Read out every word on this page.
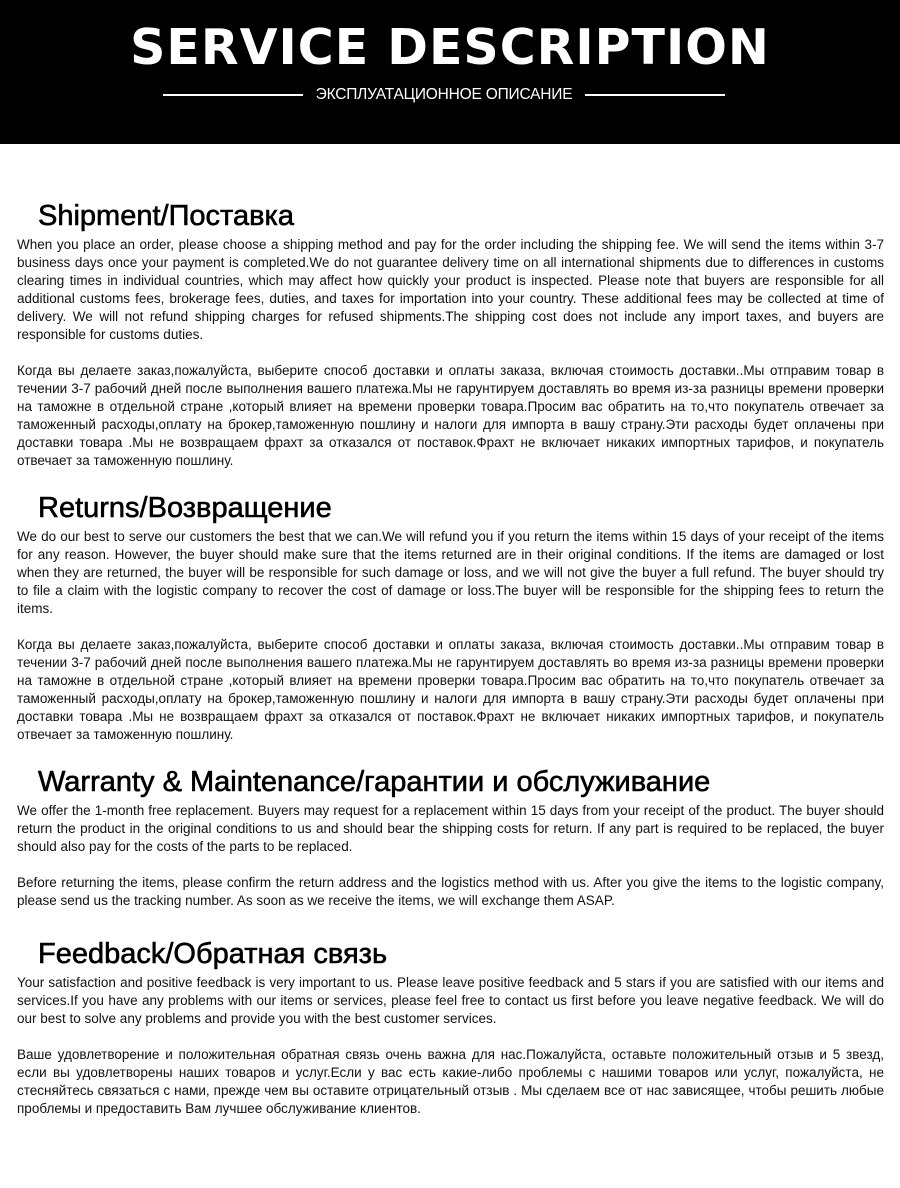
SERVICE DESCRIPTION
ЭКСПЛУАТАЦИОННОЕ ОПИСАНИЕ
Shipment/Поставка

When you place an order, please choose a shipping method and pay for the order including the shipping fee. We will send the items within 3-7 business days once your payment is completed.We do not guarantee delivery time on all international shipments due to differences in customs clearing times in individual countries, which may affect how quickly your product is inspected. Please note that buyers are responsible for all additional customs fees, brokerage fees, duties, and taxes for importation into your country. These additional fees may be collected at time of delivery. We will not refund shipping charges for refused shipments.The shipping cost does not include any import taxes, and buyers are responsible for customs duties.

Когда вы делаете заказ,пожалуйста, выберите способ доставки и оплаты заказа, включая стоимость доставки..Мы отправим товар в течении 3-7 рабочий дней после выполнения вашего платежа.Мы не гарунтируем доставлять во время из-за разницы времени проверки на таможне в отдельной стране ,который влияет на времени проверки товара.Просим вас обратить на то,что покупатель отвечает за таможенный расходы,оплату на брокер,таможенную пошлину и налоги для импорта в вашу страну.Эти расходы будет оплачены при доставки товара .Мы не возвращаем фрахт за отказался от поставок.Фрахт не включает никаких импортных тарифов, и покупатель отвечает за таможенную пошлину.

Returns/Возвращение

We do our best to serve our customers the best that we can.We will refund you if you return the items within 15 days of your receipt of the items for any reason. However, the buyer should make sure that the items returned are in their original conditions. If the items are damaged or lost when they are returned, the buyer will be responsible for such damage or loss, and we will not give the buyer a full refund. The buyer should try to file a claim with the logistic company to recover the cost of damage or loss.The buyer will be responsible for the shipping fees to return the items.

Когда вы делаете заказ,пожалуйста, выберите способ доставки и оплаты заказа, включая стоимость доставки..Мы отправим товар в течении 3-7 рабочий дней после выполнения вашего платежа.Мы не гарунтируем доставлять во время из-за разницы времени проверки на таможне в отдельной стране ,который влияет на времени проверки товара.Просим вас обратить на то,что покупатель отвечает за таможенный расходы,оплату на брокер,таможенную пошлину и налоги для импорта в вашу страну.Эти расходы будет оплачены при доставки товара .Мы не возвращаем фрахт за отказался от поставок.Фрахт не включает никаких импортных тарифов, и покупатель отвечает за таможенную пошлину.

Warranty & Maintenance/гарантии и обслуживание

We offer the 1-month free replacement. Buyers may request for a replacement within 15 days from your receipt of the product. The buyer should return the product in the original conditions to us and should bear the shipping costs for return. If any part is required to be replaced, the buyer should also pay for the costs of the parts to be replaced.

Before returning the items, please confirm the return address and the logistics method with us. After you give the items to the logistic company, please send us the tracking number. As soon as we receive the items, we will exchange them ASAP.

Feedback/Обратная связь

Your satisfaction and positive feedback is very important to us. Please leave positive feedback and 5 stars if you are satisfied with our items and services.If you have any problems with our items or services, please feel free to contact us first before you leave negative feedback. We will do our best to solve any problems and provide you with the best customer services.

Ваше удовлетворение и положительная обратная связь очень важна для нас.Пожалуйста, оставьте положительный отзыв и 5 звезд, если вы удовлетворены наших товаров и услуг.Если у вас есть какие-либо проблемы с нашими товаров или услуг, пожалуйста, не стесняйтесь связаться с нами, прежде чем вы оставите отрицательный отзыв . Мы сделаем все от нас зависящее, чтобы решить любые проблемы и предоставить Вам лучшее обслуживание клиентов.
